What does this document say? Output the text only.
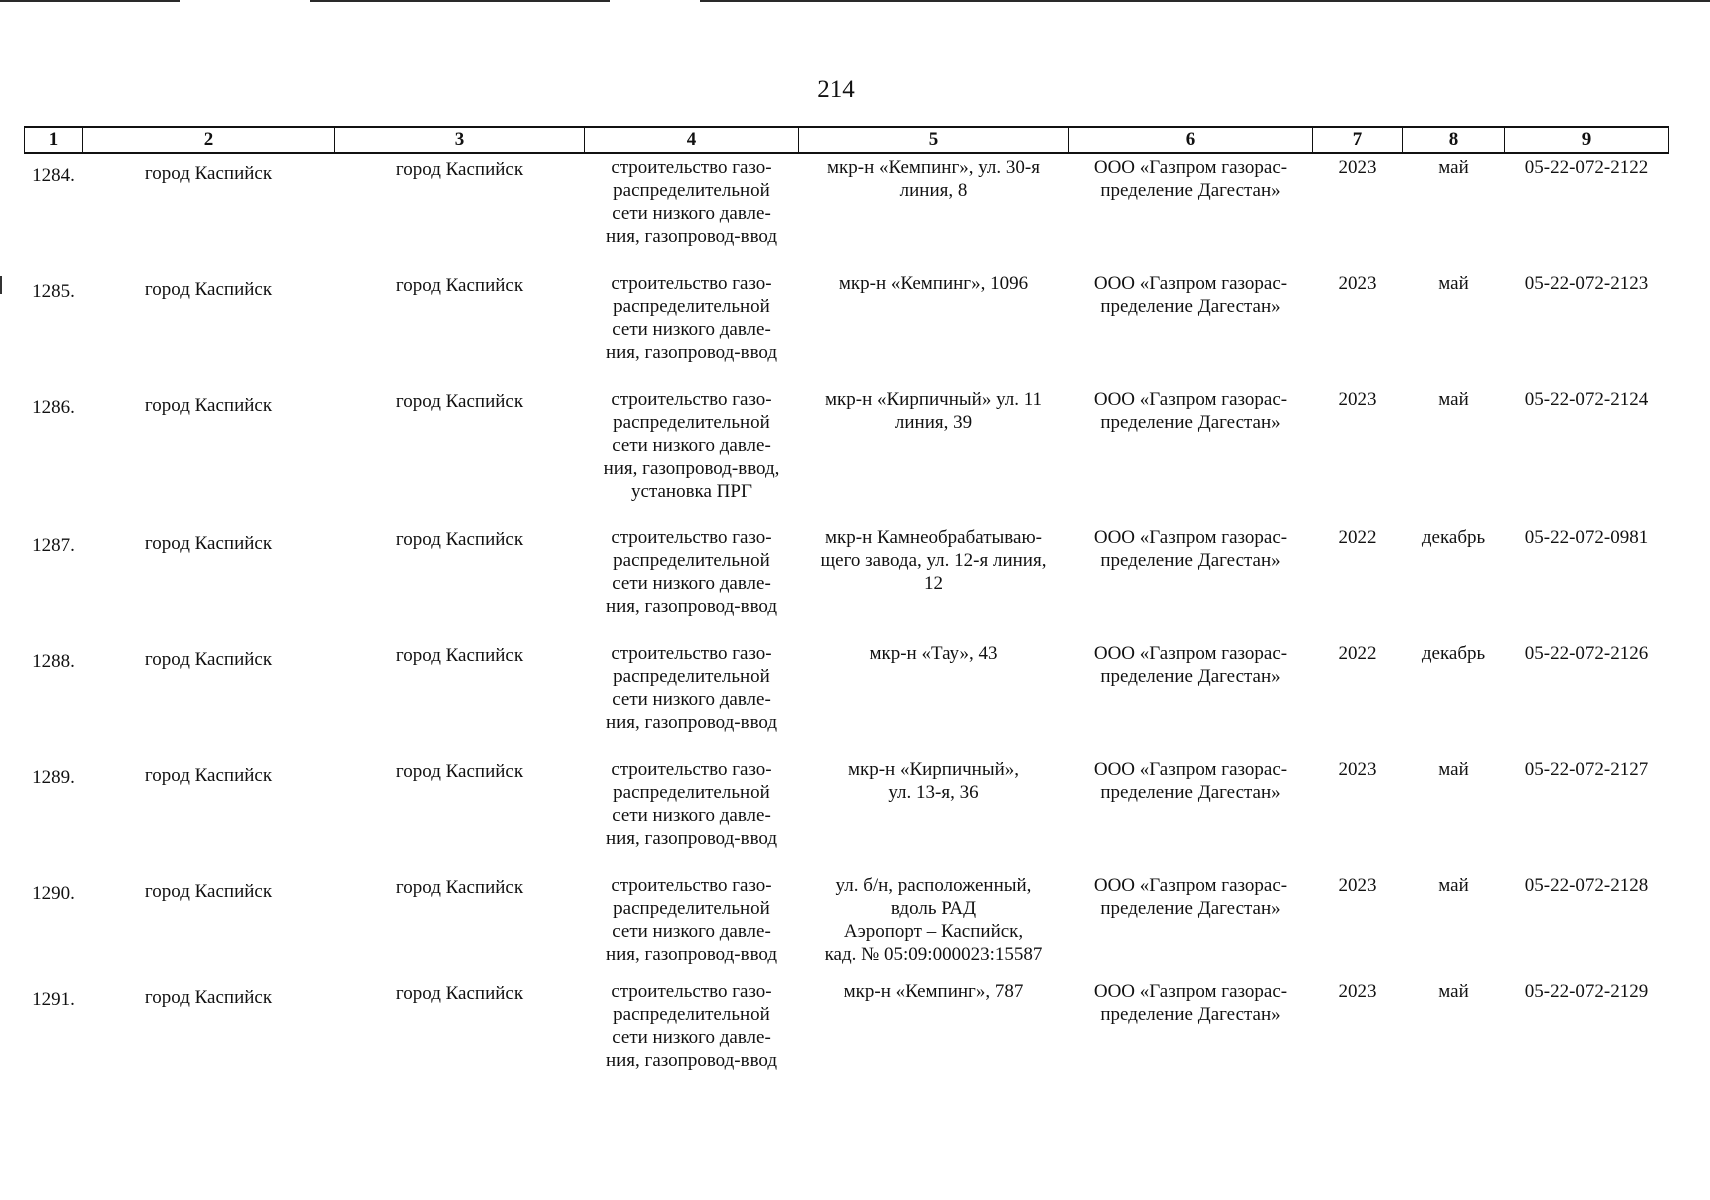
214
1	2	3	4	5	6	7	8	9
1284.	город Каспийск	город Каспийск	строительство газо-
распределительной
сети низкого давле-
ния, газопровод-ввод	мкр-н «Кемпинг», ул. 30-я
линия, 8	ООО «Газпром газорас-
пределение Дагестан»	2023	май	05-22-072-2122
1285.	город Каспийск	город Каспийск	строительство газо-
распределительной
сети низкого давле-
ния, газопровод-ввод	мкр-н «Кемпинг», 1096	ООО «Газпром газорас-
пределение Дагестан»	2023	май	05-22-072-2123
1286.	город Каспийск	город Каспийск	строительство газо-
распределительной
сети низкого давле-
ния, газопровод-ввод,
установка ПРГ	мкр-н «Кирпичный» ул. 11
линия, 39	ООО «Газпром газорас-
пределение Дагестан»	2023	май	05-22-072-2124
1287.	город Каспийск	город Каспийск	строительство газо-
распределительной
сети низкого давле-
ния, газопровод-ввод	мкр-н Камнеобрабатываю-
щего завода, ул. 12-я линия,
12	ООО «Газпром газорас-
пределение Дагестан»	2022	декабрь	05-22-072-0981
1288.	город Каспийск	город Каспийск	строительство газо-
распределительной
сети низкого давле-
ния, газопровод-ввод	мкр-н «Тау», 43	ООО «Газпром газорас-
пределение Дагестан»	2022	декабрь	05-22-072-2126
1289.	город Каспийск	город Каспийск	строительство газо-
распределительной
сети низкого давле-
ния, газопровод-ввод	мкр-н «Кирпичный»,
ул. 13-я, 36	ООО «Газпром газорас-
пределение Дагестан»	2023	май	05-22-072-2127
1290.	город Каспийск	город Каспийск	строительство газо-
распределительной
сети низкого давле-
ния, газопровод-ввод	ул. б/н, расположенный,
вдоль РАД
Аэропорт – Каспийск,
кад. № 05:09:000023:15587	ООО «Газпром газорас-
пределение Дагестан»	2023	май	05-22-072-2128
1291.	город Каспийск	город Каспийск	строительство газо-
распределительной
сети низкого давле-
ния, газопровод-ввод	мкр-н «Кемпинг», 787	ООО «Газпром газорас-
пределение Дагестан»	2023	май	05-22-072-2129
